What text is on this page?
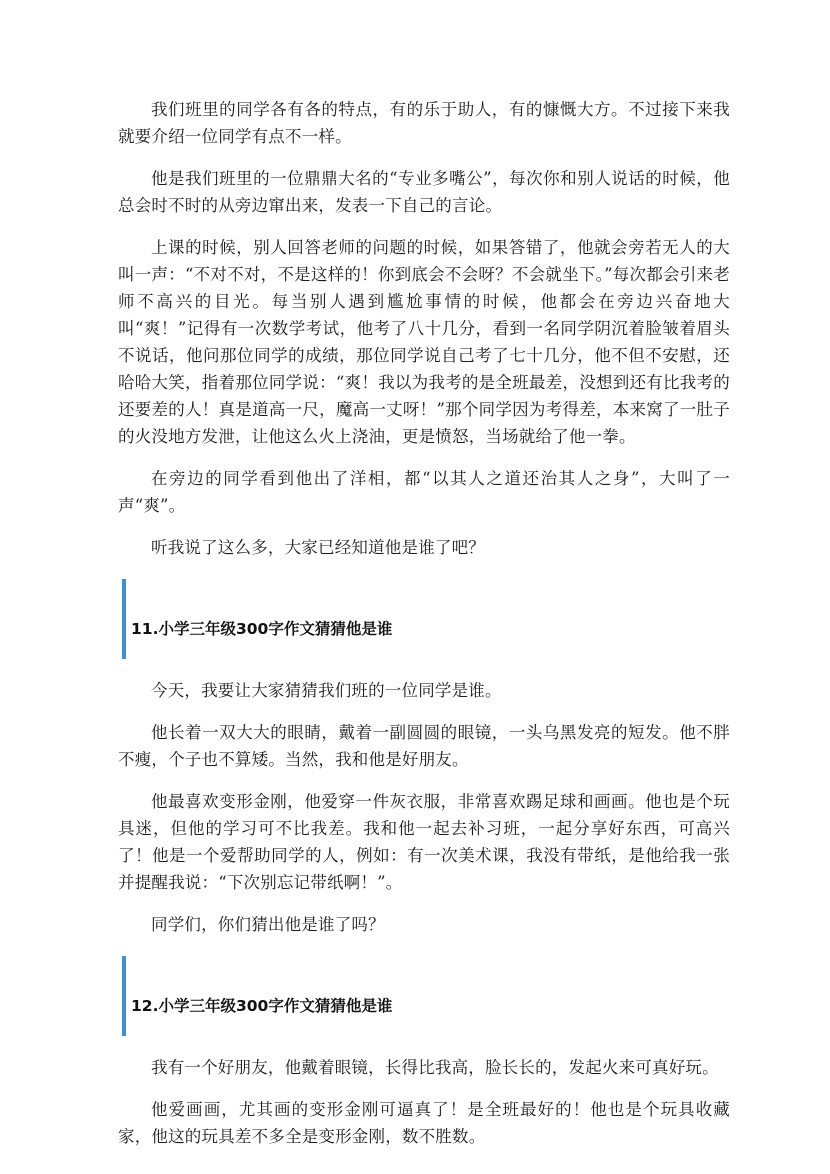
我们班里的同学各有各的特点，有的乐于助人，有的慷慨大方。不过接下来我就要介绍一位同学有点不一样。

他是我们班里的一位鼎鼎大名的“专业多嘴公”，每次你和别人说话的时候，他总会时不时的从旁边窜出来，发表一下自己的言论。

上课的时候，别人回答老师的问题的时候，如果答错了，他就会旁若无人的大叫一声：“不对不对，不是这样的！你到底会不会呀？不会就坐下。”每次都会引来老师不高兴的目光。每当别人遇到尴尬事情的时候，他都会在旁边兴奋地大叫“爽！”记得有一次数学考试，他考了八十几分，看到一名同学阴沉着脸皱着眉头不说话，他问那位同学的成绩，那位同学说自己考了七十几分，他不但不安慰，还哈哈大笑，指着那位同学说：“爽！我以为我考的是全班最差，没想到还有比我考的还要差的人！真是道高一尺，魔高一丈呀！”那个同学因为考得差，本来窝了一肚子的火没地方发泄，让他这么火上浇油，更是愤怒，当场就给了他一拳。

在旁边的同学看到他出了洋相，都“以其人之道还治其人之身”，大叫了一声“爽”。

听我说了这么多，大家已经知道他是谁了吧？

11.小学三年级300字作文猜猜他是谁

今天，我要让大家猜猜我们班的一位同学是谁。

他长着一双大大的眼睛，戴着一副圆圆的眼镜，一头乌黑发亮的短发。他不胖不瘦，个子也不算矮。当然，我和他是好朋友。

他最喜欢变形金刚，他爱穿一件灰衣服，非常喜欢踢足球和画画。他也是个玩具迷，但他的学习可不比我差。我和他一起去补习班，一起分享好东西，可高兴了！他是一个爱帮助同学的人，例如：有一次美术课，我没有带纸，是他给我一张并提醒我说：“下次别忘记带纸啊！”。

同学们，你们猜出他是谁了吗？

12.小学三年级300字作文猜猜他是谁

我有一个好朋友，他戴着眼镜，长得比我高，脸长长的，发起火来可真好玩。

他爱画画，尤其画的变形金刚可逼真了！是全班最好的！他也是个玩具收藏家，他这的玩具差不多全是变形金刚，数不胜数。
